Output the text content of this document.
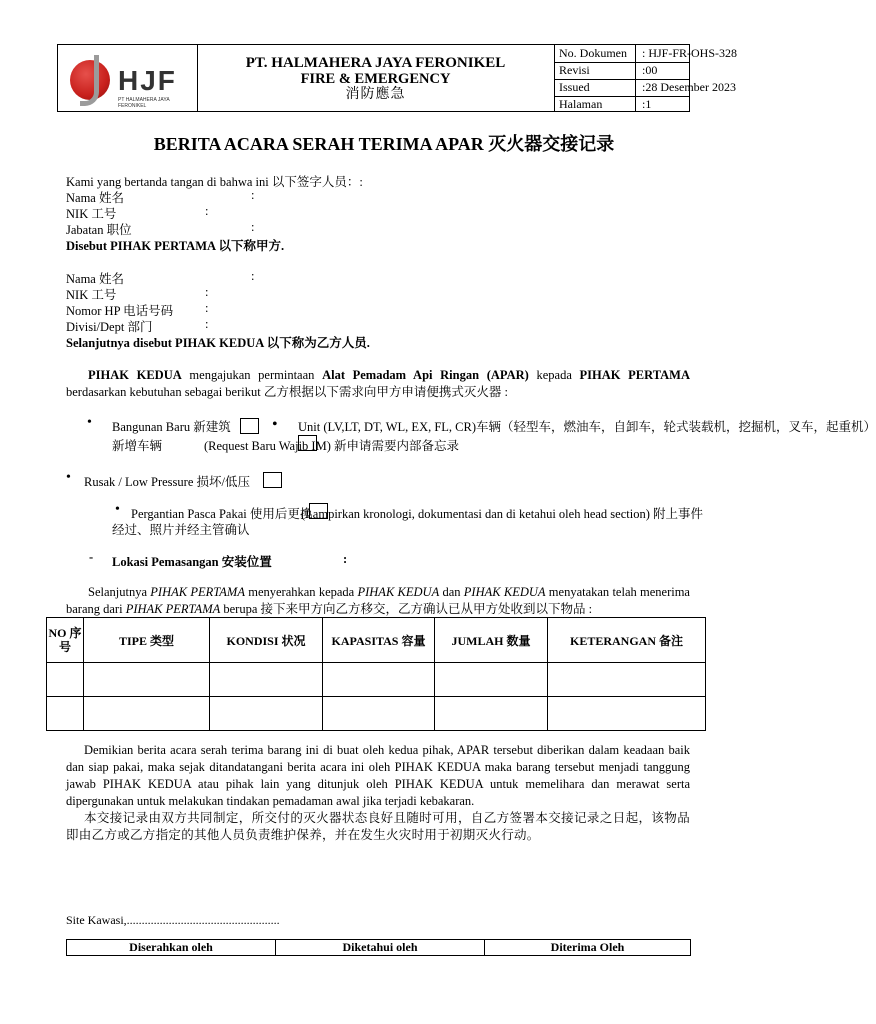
HJF
PT HALMAHERA JAYA FERONIKEL
PT. HALMAHERA JAYA FERONIKEL
FIRE & EMERGENCY
消防應急
No. Dokumen : HJF-FR-OHS-328
Revisi	:00
Issued	:28 Desember 2023
Halaman	:1
BERITA ACARA SERAH TERIMA APAR 灭火器交接记录
Kami yang bertanda tangan di bahwa ini 以下签字人员：:
Nama 姓名	:
NIK 工号	:
Jabatan 职位	:
Disebut PIHAK PERTAMA 以下称甲方.
Nama 姓名	:
NIK 工号	:
Nomor HP 电话号码	:
Divisi/Dept 部门	:
Selanjutnya disebut PIHAK KEDUA 以下称为乙方人员.
PIHAK KEDUA mengajukan permintaan Alat Pemadam Api Ringan (APAR) kepada PIHAK PERTAMA berdasarkan kebutuhan sebagai berikut 乙方根据以下需求向甲方申请便携式灭火器 :
• Bangunan Baru 新建筑	• Unit (LV,LT, DT, WL, EX, FL, CR)车辆（轻型车，燃油车，自卸车，轮式装载机，挖掘机，叉车，起重机）
新增车辆	(Request Baru Wajib IM) 新申请需要内部备忘录
• Rusak / Low Pressure 损坏/低压
• Pergantian Pasca Pakai 使用后更换
(Lampirkan kronologi, dokumentasi dan di ketahui oleh head section) 附上事件
经过、照片并经主管确认
- Lokasi Pemasangan 安装位置	:
Selanjutnya PIHAK PERTAMA menyerahkan kepada PIHAK KEDUA dan PIHAK KEDUA menyatakan telah menerima barang dari PIHAK PERTAMA berupa 接下来甲方向乙方移交，乙方确认已从甲方处收到以下物品 :
NO 序号	TIPE 类型	KONDISI 状况	KAPASITAS 容量	JUMLAH 数量	KETERANGAN 备注

Demikian berita acara serah terima barang ini di buat oleh kedua pihak, APAR tersebut diberikan dalam keadaan baik dan siap pakai, maka sejak ditandatangani berita acara ini oleh PIHAK KEDUA maka barang tersebut menjadi tanggung jawab PIHAK KEDUA atau pihak lain yang ditunjuk oleh PIHAK KEDUA untuk memelihara dan merawat serta dipergunakan untuk melakukan tindakan pemadaman awal jika terjadi kebakaran.
本交接记录由双方共同制定，所交付的灭火器状态良好且随时可用，自乙方签署本交接记录之日起，该物品即由乙方或乙方指定的其他人员负责维护保养，并在发生火灾时用于初期灭火行动。
Site Kawasi,...................................................
Diserahkan oleh	Diketahui oleh	Diterima Oleh
